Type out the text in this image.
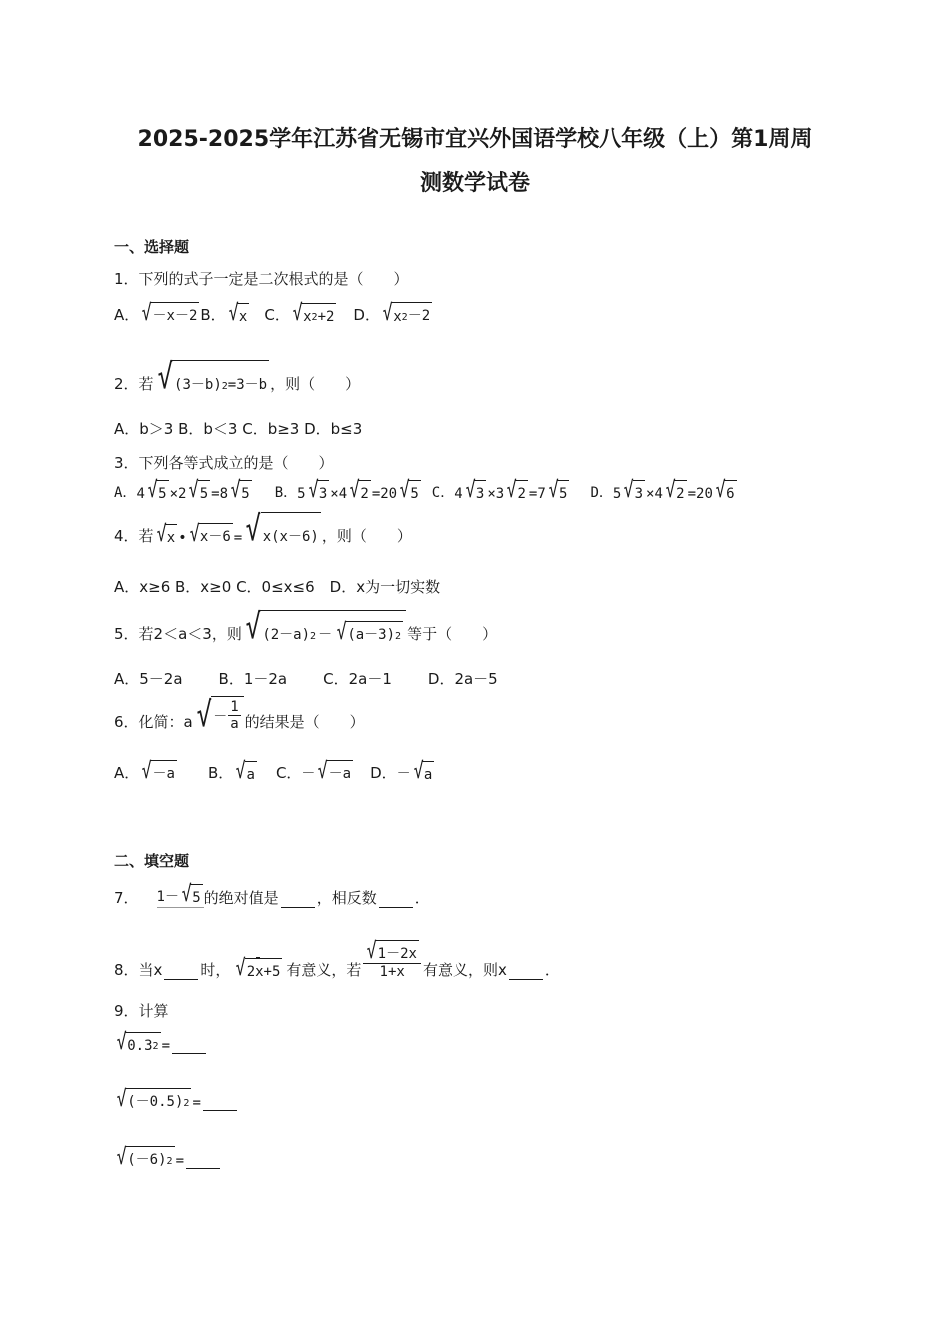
2025-2025学年江苏省无锡市宜兴外国语学校八年级（上）第1周周
测数学试卷
一、选择题
1．下列的式子一定是二次根式的是（　　）
A． √ －x－2 B． √ x C． √ $x^2 +2$ D． √ $x^2 -2$
2．若 √ $(3-b)^2 =3-b$ ，则（　　）
A．b＞3 B．b＜3 C．b≥3 D．b≤3
3．下列各等式成立的是（　　）
A． 4 √ 5 × 2 √ 5 = 8 √ 5 B． 5 √ 3 × 4 √ 2 = 20 √ 5 C． 4 √ 3 × 3 √ 2 = 7 √ 5 D． 5 √ 3 × 4 √ 2 = 20 √ 6
4．若 √ x • √ x－6 = √ x(x－6) ，则（　　）
A．x≥6 B．x≥0 C．0≤x≤6　D．x为一切实数
5．若2＜a＜3，则 √ $(2-a)^2$ － √ $(a-3)^2$ 等于（　　）
A．5－2a B．1－2a C．2a－1 D．2a－5
6．化简：a √ － $\frac{1}{a}$ 的结果是（　　）
A． √ －a B． √ a C． － √ －a D． － √ a
二、填空题
7． 1－ √ 5 的绝对值是	，相反数	．
8．当x	时， √ 2x+5 有意义，若 $\frac{√ 1-2x}{1+x}$ 有意义，则x	．
9．计算
√ $0.3^2$ =
√ $(-0.5)^2$ =
√ $(-6)^2$ =
